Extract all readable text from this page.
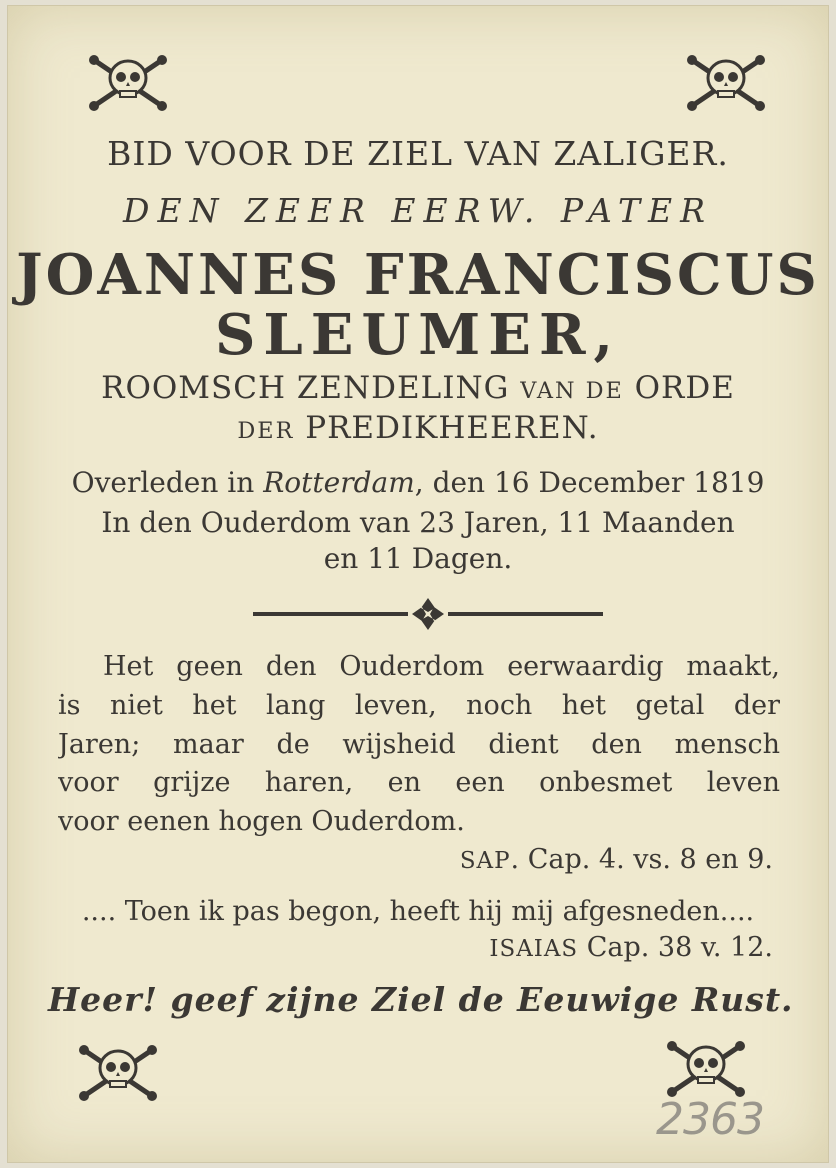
BID VOOR DE ZIEL VAN ZALIGER.
DEN ZEER EERW. PATER
JOANNES FRANCISCUS
SLEUMER,
ROOMSCH ZENDELING VAN DE ORDE
DER PREDIKHEEREN.
Overleden in Rotterdam, den 16 December 1819
In den Ouderdom van 23 Jaren, 11 Maanden
en 11 Dagen.
Het geen den Ouderdom eerwaardig maakt,
is niet het lang leven, noch het getal der
Jaren; maar de wijsheid dient den mensch
voor grijze haren, en een onbesmet leven
voor eenen hogen Ouderdom.
SAP. Cap. 4. vs. 8 en 9.
.... Toen ik pas begon, heeft hij mij afgesneden....
ISAIAS Cap. 38 v. 12.
Heer! geef zijne Ziel de Eeuwige Rust.
2363
